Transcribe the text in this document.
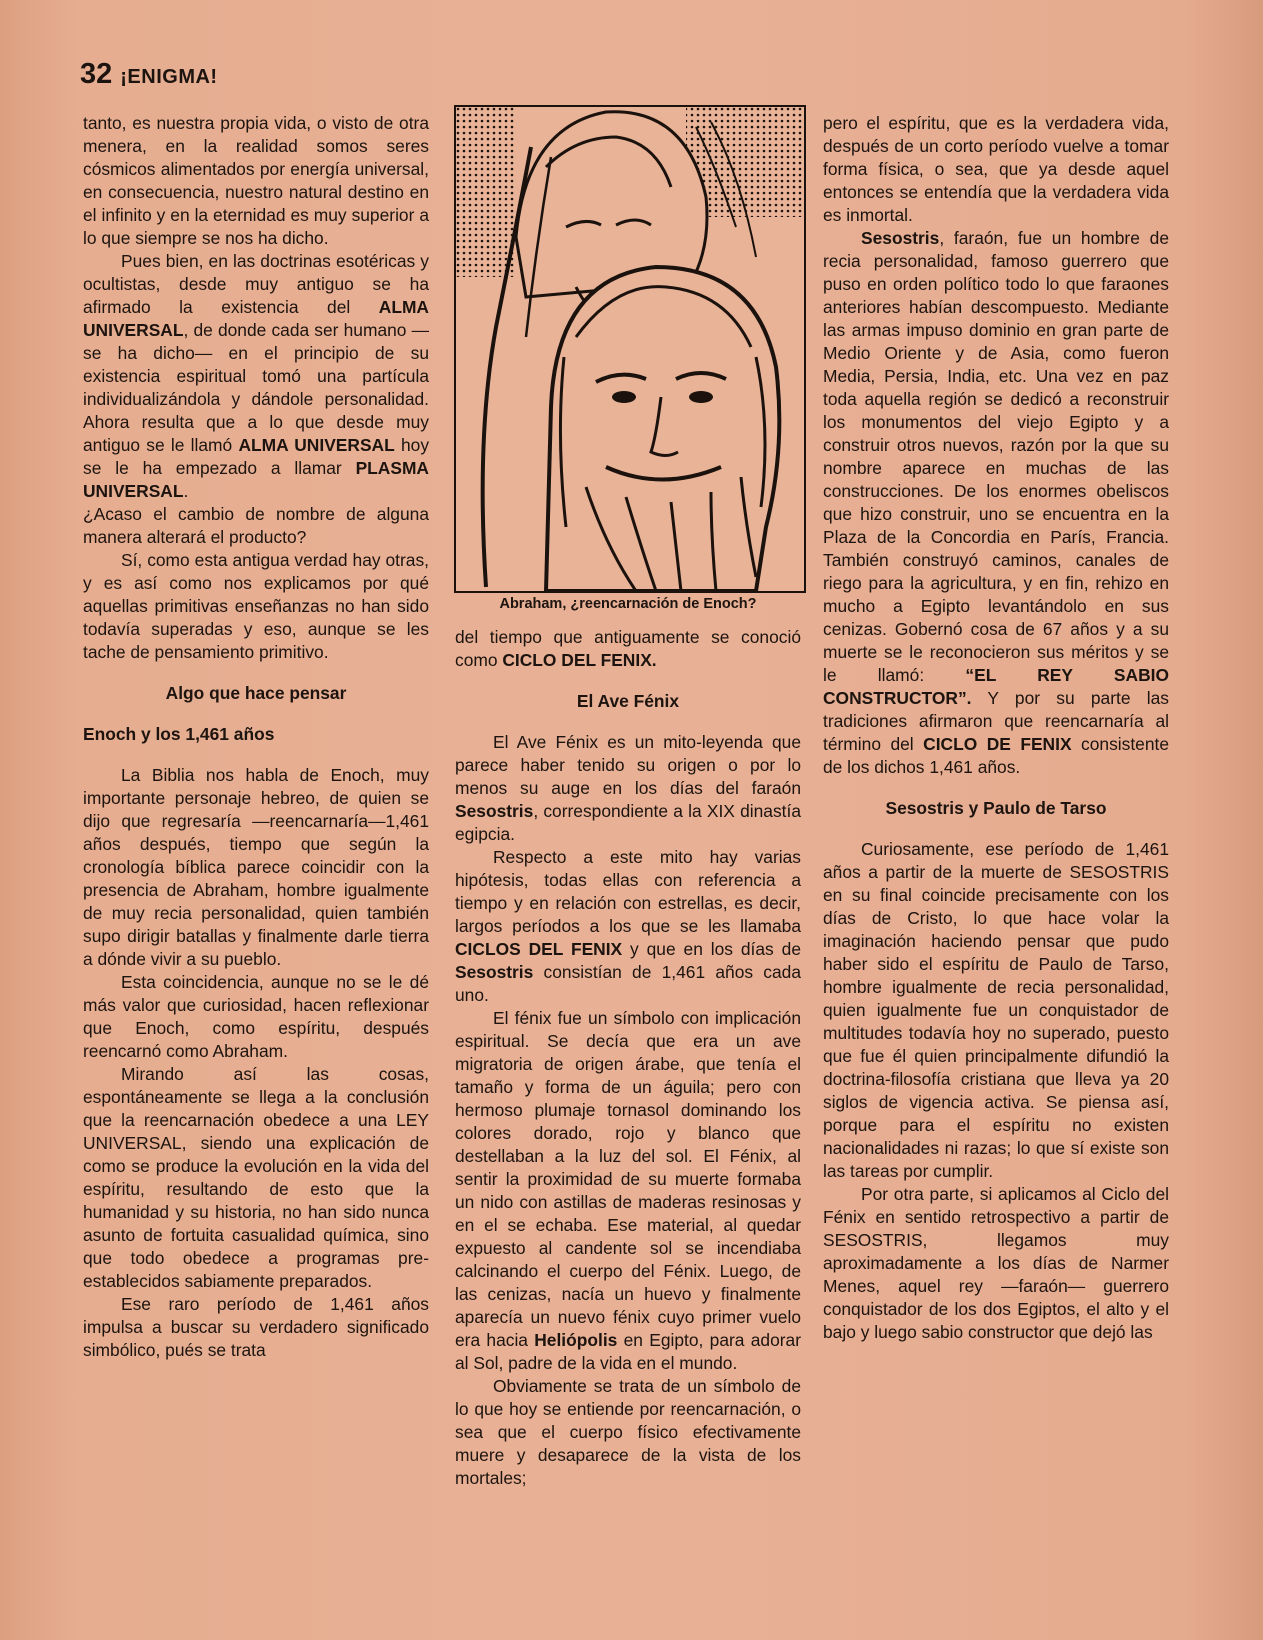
32 ¡ENIGMA!

tanto, es nuestra propia vida, o visto de otra menera, en la realidad somos seres cósmicos alimentados por energía universal, en consecuencia, nuestro natural destino en el infinito y en la eternidad es muy superior a lo que siempre se nos ha dicho.

Pues bien, en las doctrinas esotéricas y ocultistas, desde muy antiguo se ha afirmado la existencia del ALMA UNIVERSAL, de donde cada ser humano —se ha dicho— en el principio de su existencia espiritual tomó una partícula individualizándola y dándole personalidad. Ahora resulta que a lo que desde muy antiguo se le llamó ALMA UNIVERSAL hoy se le ha empezado a llamar PLASMA UNIVERSAL.

¿Acaso el cambio de nombre de alguna manera alterará el producto?

Sí, como esta antigua verdad hay otras, y es así como nos explicamos por qué aquellas primitivas enseñanzas no han sido todavía superadas y eso, aunque se les tache de pensamiento primitivo.

Algo que hace pensar
Enoch y los 1,461 años

La Biblia nos habla de Enoch, muy importante personaje hebreo, de quien se dijo que regresaría —reencarnaría—1,461 años después, tiempo que según la cronología bíblica parece coincidir con la presencia de Abraham, hombre igualmente de muy recia personalidad, quien también supo dirigir batallas y finalmente darle tierra a dónde vivir a su pueblo.

Esta coincidencia, aunque no se le dé más valor que curiosidad, hacen reflexionar que Enoch, como espíritu, después reencarnó como Abraham.

Mirando así las cosas, espontáneamente se llega a la conclusión que la reencarnación obedece a una LEY UNIVERSAL, siendo una explicación de como se produce la evolución en la vida del espíritu, resultando de esto que la humanidad y su historia, no han sido nunca asunto de fortuita casualidad química, sino que todo obedece a programas pre-establecidos sabiamente preparados.

Ese raro período de 1,461 años impulsa a buscar su verdadero significado simbólico, pués se trata

Abraham, ¿reencarnación de Enoch?

del tiempo que antiguamente se conoció como CICLO DEL FENIX.

El Ave Fénix

El Ave Fénix es un mito-leyenda que parece haber tenido su origen o por lo menos su auge en los días del faraón Sesostris, correspondiente a la XIX dinastía egipcia.

Respecto a este mito hay varias hipótesis, todas ellas con referencia a tiempo y en relación con estrellas, es decir, largos períodos a los que se les llamaba CICLOS DEL FENIX y que en los días de Sesostris consistían de 1,461 años cada uno.

El fénix fue un símbolo con implicación espiritual. Se decía que era un ave migratoria de origen árabe, que tenía el tamaño y forma de un águila; pero con hermoso plumaje tornasol dominando los colores dorado, rojo y blanco que destellaban a la luz del sol. El Fénix, al sentir la proximidad de su muerte formaba un nido con astillas de maderas resinosas y en el se echaba. Ese material, al quedar expuesto al candente sol se incendiaba calcinando el cuerpo del Fénix. Luego, de las cenizas, nacía un huevo y finalmente aparecía un nuevo fénix cuyo primer vuelo era hacia Heliópolis en Egipto, para adorar al Sol, padre de la vida en el mundo.

Obviamente se trata de un símbolo de lo que hoy se entiende por reencarnación, o sea que el cuerpo físico efectivamente muere y desaparece de la vista de los mortales;

pero el espíritu, que es la verdadera vida, después de un corto período vuelve a tomar forma física, o sea, que ya desde aquel entonces se entendía que la verdadera vida es inmortal.

Sesostris, faraón, fue un hombre de recia personalidad, famoso guerrero que puso en orden político todo lo que faraones anteriores habían descompuesto. Mediante las armas impuso dominio en gran parte de Medio Oriente y de Asia, como fueron Media, Persia, India, etc. Una vez en paz toda aquella región se dedicó a reconstruir los monumentos del viejo Egipto y a construir otros nuevos, razón por la que su nombre aparece en muchas de las construcciones. De los enormes obeliscos que hizo construir, uno se encuentra en la Plaza de la Concordia en París, Francia. También construyó caminos, canales de riego para la agricultura, y en fin, rehizo en mucho a Egipto levantándolo en sus cenizas. Gobernó cosa de 67 años y a su muerte se le reconocieron sus méritos y se le llamó: “EL REY SABIO CONSTRUCTOR”. Y por su parte las tradiciones afirmaron que reencarnaría al término del CICLO DE FENIX consistente de los dichos 1,461 años.

Sesostris y Paulo de Tarso

Curiosamente, ese período de 1,461 años a partir de la muerte de SESOSTRIS en su final coincide precisamente con los días de Cristo, lo que hace volar la imaginación haciendo pensar que pudo haber sido el espíritu de Paulo de Tarso, hombre igualmente de recia personalidad, quien igualmente fue un conquistador de multitudes todavía hoy no superado, puesto que fue él quien principalmente difundió la doctrina-filosofía cristiana que lleva ya 20 siglos de vigencia activa. Se piensa así, porque para el espíritu no existen nacionalidades ni razas; lo que sí existe son las tareas por cumplir.

Por otra parte, si aplicamos al Ciclo del Fénix en sentido retrospectivo a partir de SESOSTRIS, llegamos muy aproximadamente a los días de Narmer Menes, aquel rey —faraón— guerrero conquistador de los dos Egiptos, el alto y el bajo y luego sabio constructor que dejó las
